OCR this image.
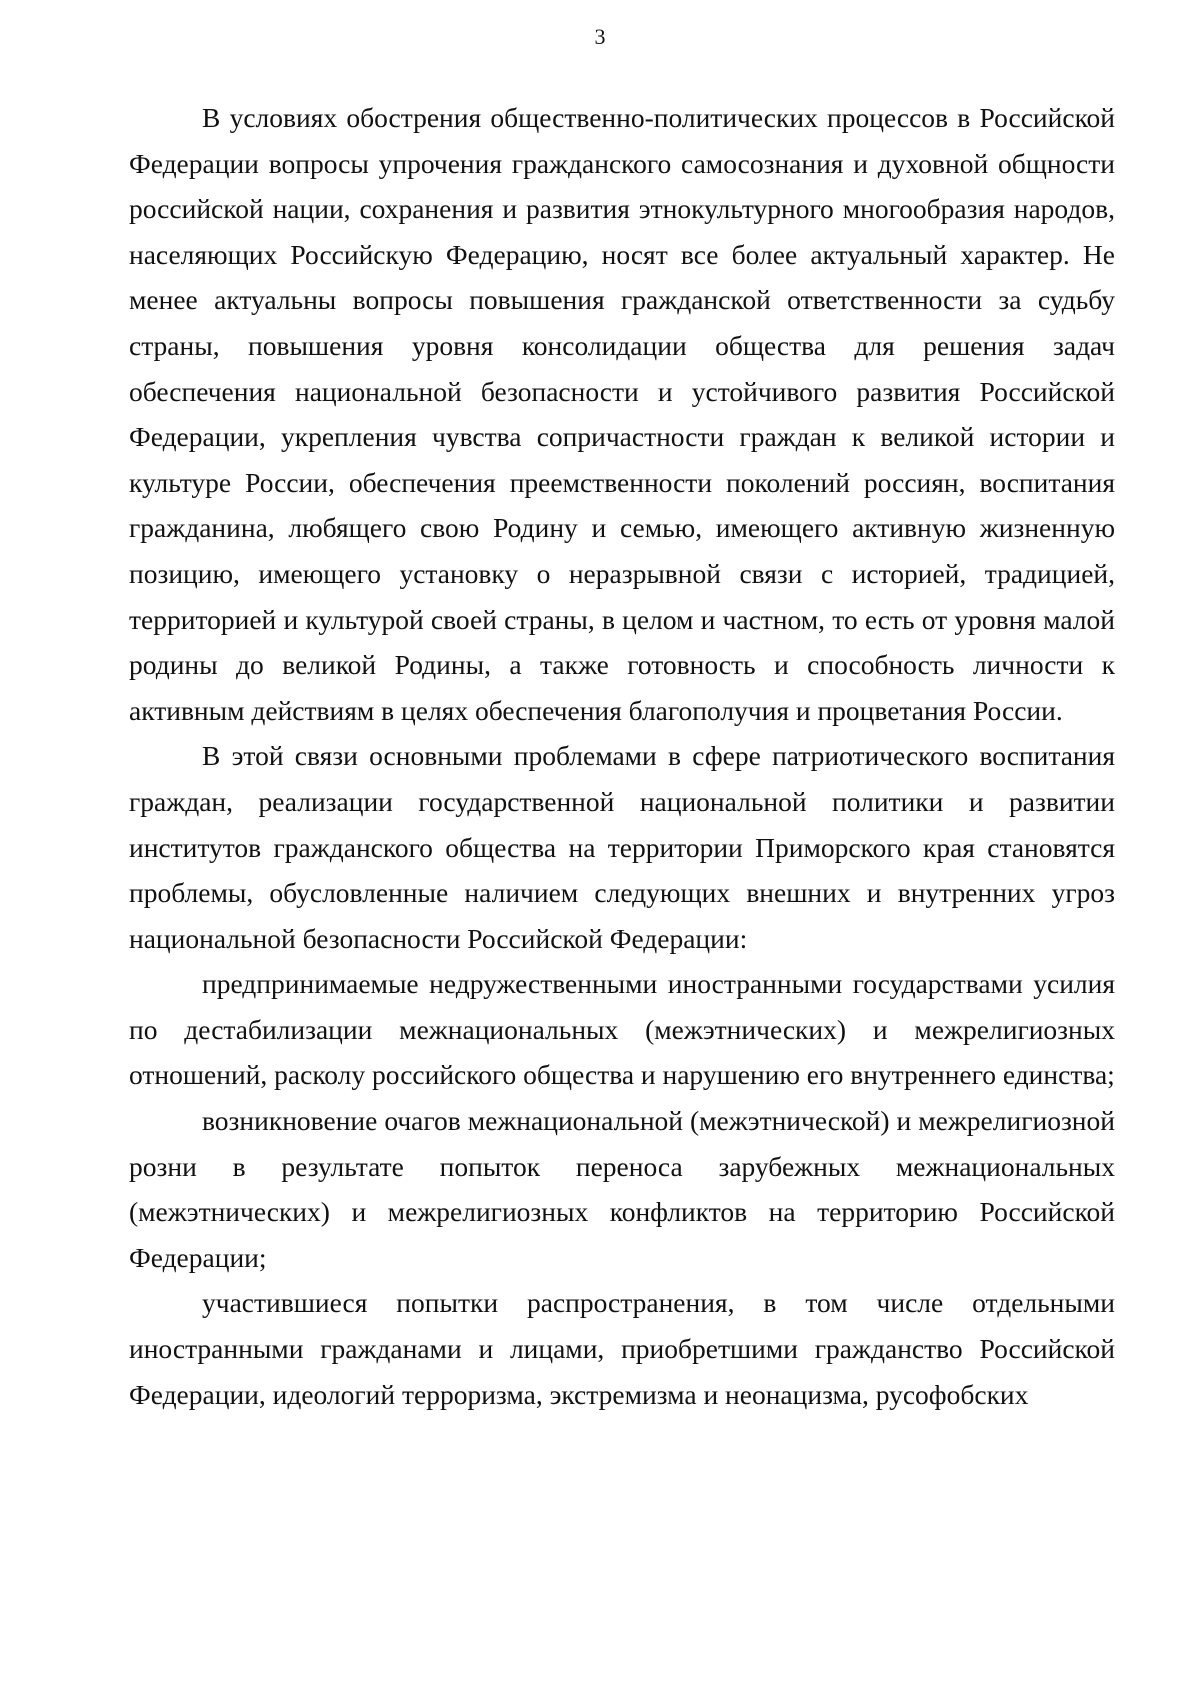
3

В условиях обострения общественно-политических процессов в Российской Федерации вопросы упрочения гражданского самосознания и духовной общности российской нации, сохранения и развития этнокультурного многообразия народов, населяющих Российскую Федерацию, носят все более актуальный характер. Не менее актуальны вопросы повышения гражданской ответственности за судьбу страны, повышения уровня консолидации общества для решения задач обеспечения национальной безопасности и устойчивого развития Российской Федерации, укрепления чувства сопричастности граждан к великой истории и культуре России, обеспечения преемственности поколений россиян, воспитания гражданина, любящего свою Родину и семью, имеющего активную жизненную позицию, имеющего установку о неразрывной связи с историей, традицией, территорией и культурой своей страны, в целом и частном, то есть от уровня малой родины до великой Родины, а также готовность и способность личности к активным действиям в целях обеспечения благополучия и процветания России.

В этой связи основными проблемами в сфере патриотического воспитания граждан, реализации государственной национальной политики и развитии институтов гражданского общества на территории Приморского края становятся проблемы, обусловленные наличием следующих внешних и внутренних угроз национальной безопасности Российской Федерации:

предпринимаемые недружественными иностранными государствами усилия по дестабилизации межнациональных (межэтнических) и межрелигиозных отношений, расколу российского общества и нарушению его внутреннего единства;

возникновение очагов межнациональной (межэтнической) и межрелигиозной розни в результате попыток переноса зарубежных межнациональных (межэтнических) и межрелигиозных конфликтов на территорию Российской Федерации;

участившиеся попытки распространения, в том числе отдельными иностранными гражданами и лицами, приобретшими гражданство Российской Федерации, идеологий терроризма, экстремизма и неонацизма, русофобских
